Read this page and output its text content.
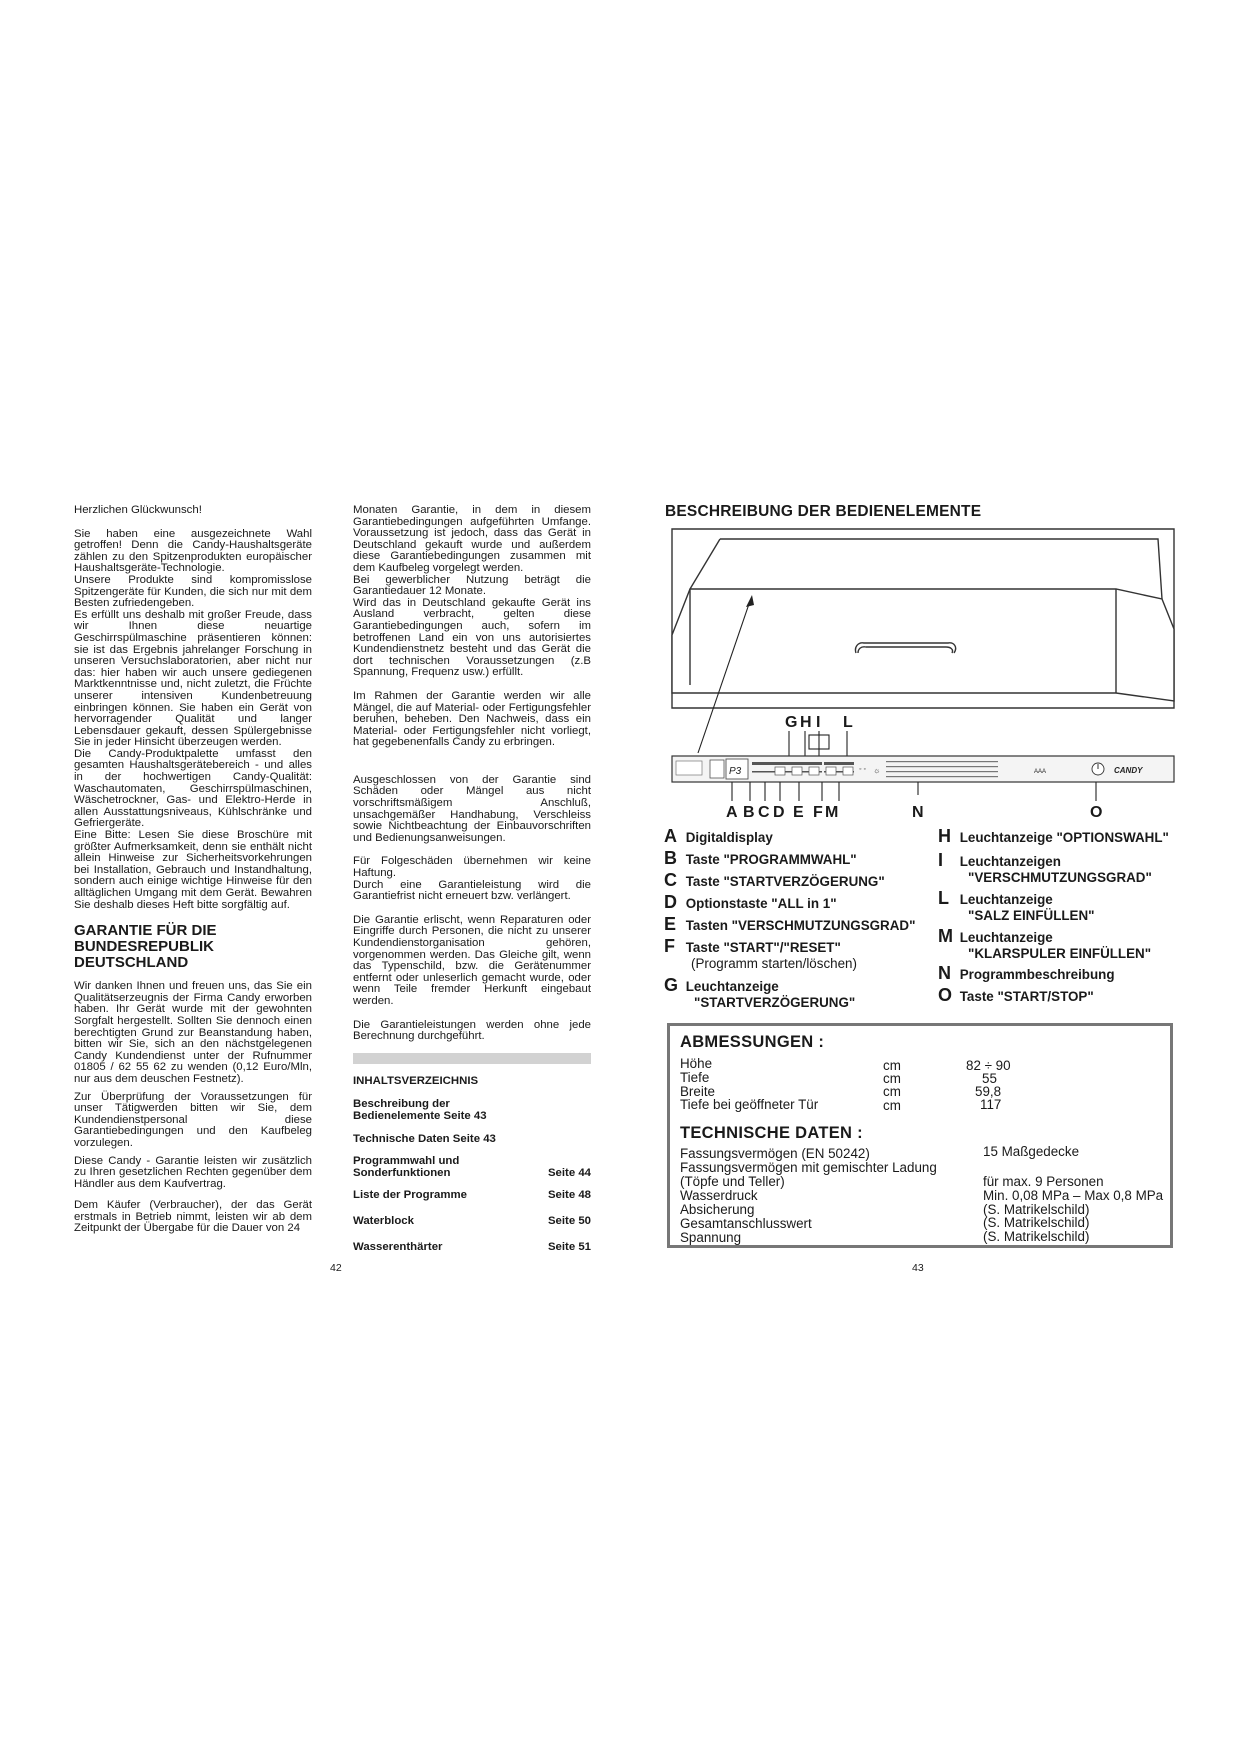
Herzlichen Glückwunsch!

Sie haben eine ausgezeichnete Wahl getroffen! Denn die Candy-Haushaltsgeräte zählen zu den Spitzenprodukten europäischer Haushaltsgeräte-Technologie.
Unsere Produkte sind kompromisslose Spitzengeräte für Kunden, die sich nur mit dem Besten zufriedengeben.
Es erfüllt uns deshalb mit großer Freude, dass wir Ihnen diese neuartige Geschirrspülmaschine präsentieren können: sie ist das Ergebnis jahrelanger Forschung in unseren Versuchslaboratorien, aber nicht nur das: hier haben wir auch unsere gediegenen Marktkenntnisse und, nicht zuletzt, die Früchte unserer intensiven Kundenbetreuung einbringen können. Sie haben ein Gerät von hervorragender Qualität und langer Lebensdauer gekauft, dessen Spülergebnisse Sie in jeder Hinsicht überzeugen werden.
Die Candy-Produktpalette umfasst den gesamten Haushaltsgerätebereich - und alles in der hochwertigen Candy-Qualität: Waschautomaten, Geschirrspülmaschinen, Wäschetrockner, Gas- und Elektro-Herde in allen Ausstattungsniveaus, Kühlschränke und Gefriergeräte.
Eine Bitte: Lesen Sie diese Broschüre mit größter Aufmerksamkeit, denn sie enthält nicht allein Hinweise zur Sicherheitsvorkehrungen bei Installation, Gebrauch und Instandhaltung, sondern auch einige wichtige Hinweise für den alltäglichen Umgang mit dem Gerät. Bewahren Sie deshalb dieses Heft bitte sorgfältig auf.

GARANTIE FÜR DIE
BUNDESREPUBLIK
DEUTSCHLAND

Wir danken Ihnen und freuen uns, das Sie ein Qualitätserzeugnis der Firma Candy erworben haben. Ihr Gerät wurde mit der gewohnten Sorgfalt hergestellt. Sollten Sie dennoch einen berechtigten Grund zur Beanstandung haben, bitten wir Sie, sich an den nächstgelegenen Candy Kundendienst unter der Rufnummer 01805 / 62 55 62 zu wenden (0,12 Euro/Mln, nur aus dem deuschen Festnetz).

Zur Überprüfung der Voraussetzungen für unser Tätigwerden bitten wir Sie, dem Kundendienstpersonal diese Garantiebedingungen und den Kaufbeleg vorzulegen.

Diese Candy - Garantie leisten wir zusätzlich zu Ihren gesetzlichen Rechten gegenüber dem Händler aus dem Kaufvertrag.

Dem Käufer (Verbraucher), der das Gerät erstmals in Betrieb nimmt, leisten wir ab dem Zeitpunkt der Übergabe für die Dauer von 24

42

Monaten Garantie, in dem in diesem Garantiebedingungen aufgeführten Umfange. Voraussetzung ist jedoch, dass das Gerät in Deutschland gekauft wurde und außerdem diese Garantiebedingungen zusammen mit dem Kaufbeleg vorgelegt werden.
Bei gewerblicher Nutzung beträgt die Garantiedauer 12 Monate.
Wird das in Deutschland gekaufte Gerät ins Ausland verbracht, gelten diese Garantiebedingungen auch, sofern im betroffenen Land ein von uns autorisiertes Kundendienstnetz besteht und das Gerät die dort technischen Voraussetzungen (z.B Spannung, Frequenz usw.) erfüllt.

Im Rahmen der Garantie werden wir alle Mängel, die auf Material- oder Fertigungsfehler beruhen, beheben. Den Nachweis, dass ein Material- oder Fertigungsfehler nicht vorliegt, hat gegebenenfalls Candy zu erbringen.

Ausgeschlossen von der Garantie sind Schäden oder Mängel aus nicht vorschriftsmäßigem Anschluß, unsachgemäßer Handhabung, Verschleiss sowie Nichtbeachtung der Einbauvorschriften und Bedienungsanweisungen.

Für Folgeschäden übernehmen wir keine Haftung.
Durch eine Garantieleistung wird die Garantiefrist nicht erneuert bzw. verlängert.

Die Garantie erlischt, wenn Reparaturen oder Eingriffe durch Personen, die nicht zu unserer Kundendienstorganisation gehören, vorgenommen werden. Das Gleiche gilt, wenn das Typenschild, bzw. die Gerätenummer entfernt oder unleserlich gemacht wurde, oder wenn Teile fremder Herkunft eingebaut werden.

Die Garantieleistungen werden ohne jede Berechnung durchgeführt.

INHALTSVERZEICHNIS
Beschreibung der
Bedienelemente Seite 43
Technische Daten Seite 43
Programmwahl und
Sonderfunktionen	Seite 44
Liste der Programme	Seite 48
Waterblock	Seite 50
Wasserenthärter	Seite 51
BESCHREIBUNG DER BEDIENELEMENTE
G H I L
P3	◦ ◦ ☼	AAA	CANDY
A B C D E F M	N	O
A Digitaldisplay
B Taste "PROGRAMMWAHL"
C Taste "STARTVERZÖGERUNG"
D Optionstaste "ALL in 1"
E Tasten "VERSCHMUTZUNGSGRAD"
F Taste "START"/"RESET"
(Programm starten/löschen)
G Leuchtanzeige
"STARTVERZÖGERUNG"
H Leuchtanzeige "OPTIONSWAHL"
I Leuchtanzeigen
"VERSCHMUTZUNGSGRAD"
L Leuchtanzeige
"SALZ EINFÜLLEN"
M Leuchtanzeige
"KLARSPULER EINFÜLLEN"
N Programmbeschreibung
O Taste "START/STOP"
ABMESSUNGEN :
Höhe	cm	82 ÷ 90
Tiefe	cm	55
Breite	cm	59,8
Tiefe bei geöffneter Tür	cm	117
TECHNISCHE DATEN :
Fassungsvermögen (EN 50242)	15 Maßgedecke
Fassungsvermögen mit gemischter Ladung
(Töpfe und Teller)	für max. 9 Personen
Wasserdruck	Min. 0,08 MPa – Max 0,8 MPa
Absicherung	(S. Matrikelschild)
Gesamtanschlusswert	(S. Matrikelschild)
Spannung	(S. Matrikelschild)
43
